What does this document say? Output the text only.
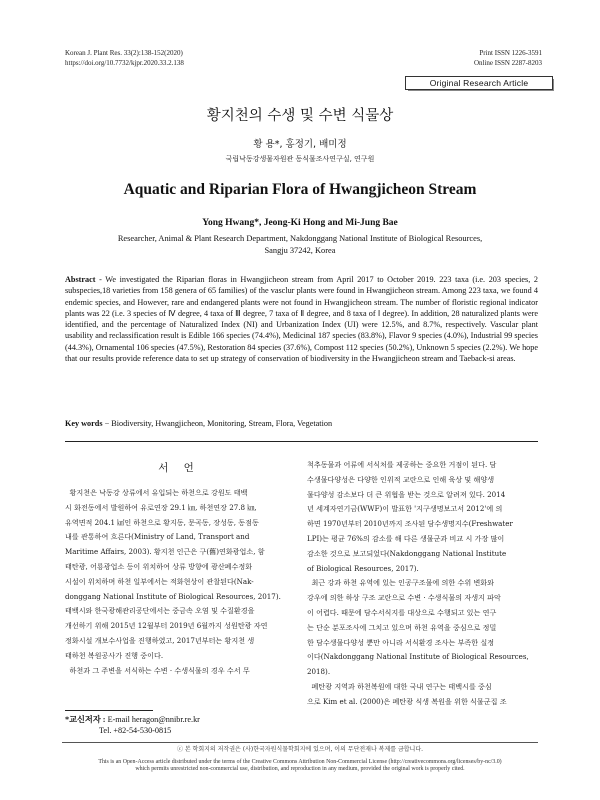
Korean J. Plant Res. 33(2):138-152(2020)
https://doi.org/10.7732/kjpr.2020.33.2.138
Print ISSN 1226-3591
Online ISSN 2287-8203
Original Research Article
황지천의 수생 및 수변 식물상
황 용*, 홍정기, 배미정
국립낙동강생물자원관 동식물조사연구실, 연구원
Aquatic and Riparian Flora of Hwangjicheon Stream
Yong Hwang*, Jeong-Ki Hong and Mi-Jung Bae
Researcher, Animal & Plant Research Department, Nakdonggang National Institute of Biological Resources,
Sangju 37242, Korea
Abstract - We investigated the Riparian floras in Hwangjicheon stream from April 2017 to October 2019. 223 taxa (i.e. 203 species, 2 subspecies,18 varieties from 158 genera of 65 families) of the vasclur plants were found in Hwangjicheon stream. Among 223 taxa, we found 4 endemic species, and However, rare and endangered plants were not found in Hwangjicheon stream. The number of floristic regional indicator plants was 22 (i.e. 3 species of Ⅳ degree, 4 taxa of Ⅲ degree, 7 taxa of Ⅱ degree, and 8 taxa of Ⅰ degree). In addition, 28 naturalized plants were identified, and the percentage of Naturalized Index (NI) and Urbanization Index (UI) were 12.5%, and 8.7%, respectively. Vascular plant usability and reclassification result is Edible 166 species (74.4%), Medicinal 187 species (83.8%), Flavor 9 species (4.0%), Industrial 99 species (44.3%), Ornamental 106 species (47.5%), Restoration 84 species (37.6%), Compost 112 species (50.2%), Unknown 5 species (2.2%). We hope that our results provide reference data to set up strategy of conservation of biodiversity in the Hwangjicheon stream and Taeback-si areas.
Key words − Biodiversity, Hwangjicheon, Monitoring, Stream, Flora, Vegetation
서 언
황지천은 낙동강 상류에서 유입되는 하천으로 강원도 태백
시 화전동에서 발원하여 유로연장 29.1 ㎞, 하천연장 27.8 ㎞,
유역면적 204.1 ㎢인 하천으로 황지동, 문곡동, 장성동, 동점동
내를 관통하여 흐른다(Ministry of Land, Transport and
Maritime Affairs, 2003). 황지천 인근은 구(舊)연화광업소, 함
태탄광, 어룡광업소 등이 위치하여 상류 방향에 광산폐수정화
시설이 위치하며 하천 일부에서는 적화현상이 관찰된다(Nak-
donggang National Institute of Biological Resources, 2017).
태백시와 한국광해관리공단에서는 중금속 오염 및 수질환경을
개선하기 위해 2015년 12월부터 2019년 6월까지 성원탄광 자연
정화시설 개보수사업을 진행하였고, 2017년부터는 황지천 생
태하천 복원공사가 진행 중이다.
하천과 그 주변을 서식하는 수변 · 수생식물의 경우 수서 무
척추동물과 어류에 서식처를 제공하는 중요한 거점이 된다. 담
수생물다양성은 다양한 인위적 교란으로 인해 육상 및 해양생
물다양성 감소보다 더 큰 위협을 받는 것으로 알려져 있다. 2014
년 세계자연기금(WWF)이 발표한 '지구생명보고서 2012'에 의
하면 1970년부터 2010년까지 조사된 담수생명지수(Freshwater
LPI)는 평균 76%의 감소를 해 다른 생물군과 비교 시 가장 많이
감소한 것으로 보고되었다(Nakdonggang National Institute
of Biological Resources, 2017).
최근 강과 하천 유역에 있는 인공구조물에 의한 수위 변화와
강우에 의한 하상 구조 교란으로 수변 · 수생식물의 자생지 파악
이 어렵다. 때문에 담수서식지를 대상으로 수행되고 있는 연구
는 단순 분포조사에 그치고 있으며 하천 유역을 중심으로 정밀
한 담수생물다양성 뿐만 아니라 서식환경 조사는 부족한 실정
이다(Nakdonggang National Institute of Biological Resources,
2018).
폐탄광 지역과 하천복원에 대한 국내 연구는 태백시를 중심
으로 Kim et al. (2000)은 폐탄광 식생 복원을 위한 식물군집 조
*교신저자 : E-mail heragon@nnibr.re.kr
Tel. +82-54-530-0815
ⓒ 본 학회지의 저작권은 (사)한국자원식물학회지에 있으며, 이의 무단전재나 복제를 금합니다.
This is an Open-Access article distributed under the terms of the Creative Commons Attribution Non-Commercial License (http://creativecommons.org/licenses/by-nc/3.0)
which permits unrestricted non-commercial use, distribution, and reproduction in any medium, provided the original work is properly cited.
